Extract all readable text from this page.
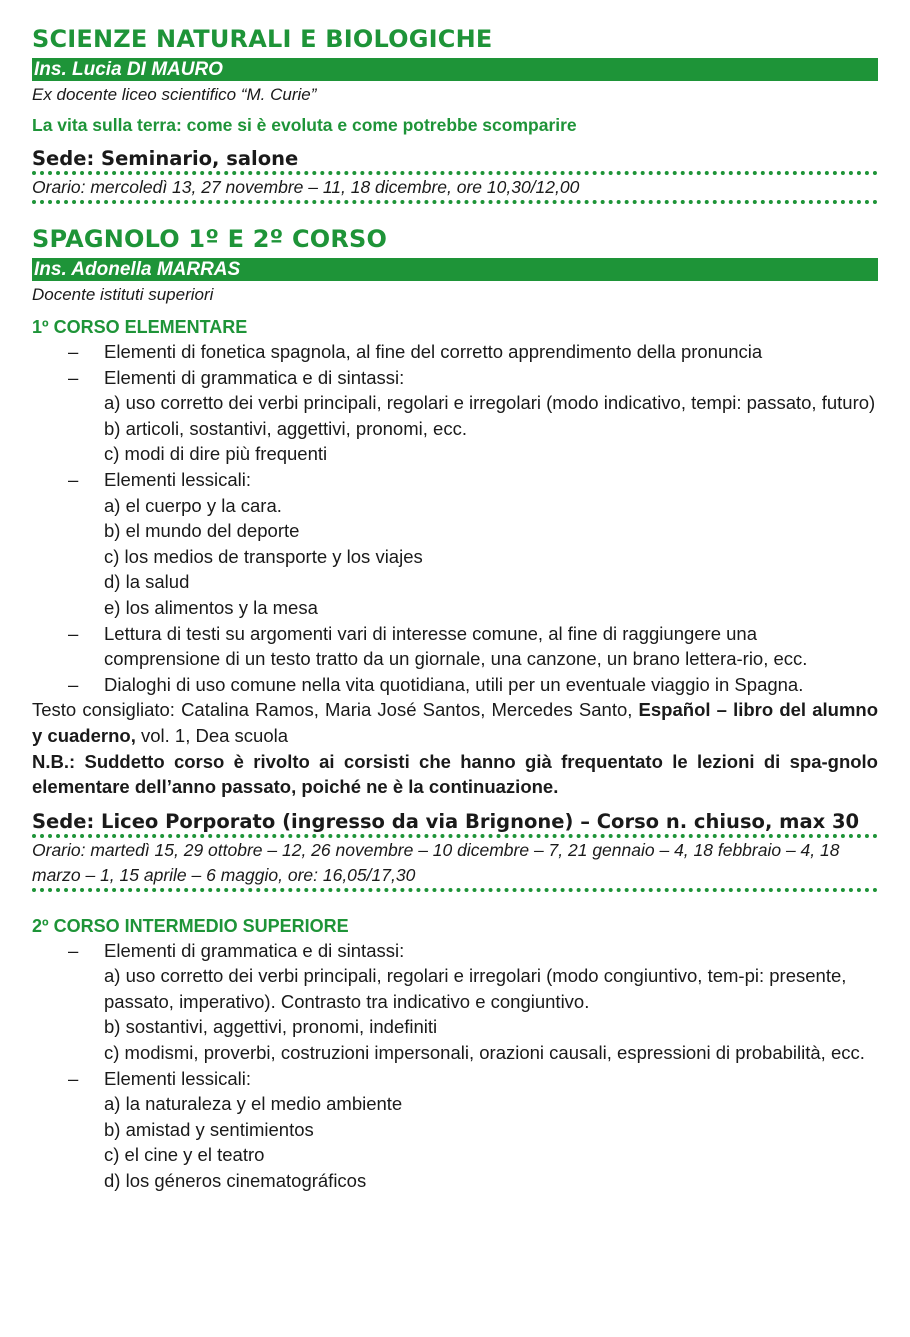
SCIENZE NATURALI E BIOLOGICHE
Ins. Lucia DI MAURO
Ex docente liceo scientifico “M. Curie”
La vita sulla terra: come si è evoluta e come potrebbe scomparire
Sede: Seminario, salone
Orario: mercoledì 13, 27 novembre – 11, 18 dicembre, ore 10,30/12,00
SPAGNOLO 1º E 2º CORSO
Ins. Adonella MARRAS
Docente istituti superiori
1º CORSO ELEMENTARE
– Elementi di fonetica spagnola, al fine del corretto apprendimento della pronuncia
– Elementi di grammatica e di sintassi:
a) uso corretto dei verbi principali, regolari e irregolari (modo indicativo, tempi: passato, futuro)
b) articoli, sostantivi, aggettivi, pronomi, ecc.
c) modi di dire più frequenti
– Elementi lessicali:
a) el cuerpo y la cara.
b) el mundo del deporte
c) los medios de transporte y los viajes
d) la salud
e) los alimentos y la mesa
– Lettura di testi su argomenti vari di interesse comune, al fine di raggiungere una comprensione di un testo tratto da un giornale, una canzone, un brano lettera-rio, ecc.
– Dialoghi di uso comune nella vita quotidiana, utili per un eventuale viaggio in Spagna.
Testo consigliato: Catalina Ramos, Maria José Santos, Mercedes Santo, Español – libro del alumno y cuaderno, vol. 1, Dea scuola
N.B.: Suddetto corso è rivolto ai corsisti che hanno già frequentato le lezioni di spa-gnolo elementare dell’anno passato, poiché ne è la continuazione.
Sede: Liceo Porporato (ingresso da via Brignone) – Corso n. chiuso, max 30
Orario: martedì 15, 29 ottobre – 12, 26 novembre – 10 dicembre – 7, 21 gennaio – 4, 18 febbraio – 4, 18 marzo – 1, 15 aprile – 6 maggio, ore: 16,05/17,30
2º CORSO INTERMEDIO SUPERIORE
– Elementi di grammatica e di sintassi:
a) uso corretto dei verbi principali, regolari e irregolari (modo congiuntivo, tem-pi: presente, passato, imperativo). Contrasto tra indicativo e congiuntivo.
b) sostantivi, aggettivi, pronomi, indefiniti
c) modismi, proverbi, costruzioni impersonali, orazioni causali, espressioni di probabilità, ecc.
– Elementi lessicali:
a) la naturaleza y el medio ambiente
b) amistad y sentimientos
c) el cine y el teatro
d) los géneros cinematográficos
